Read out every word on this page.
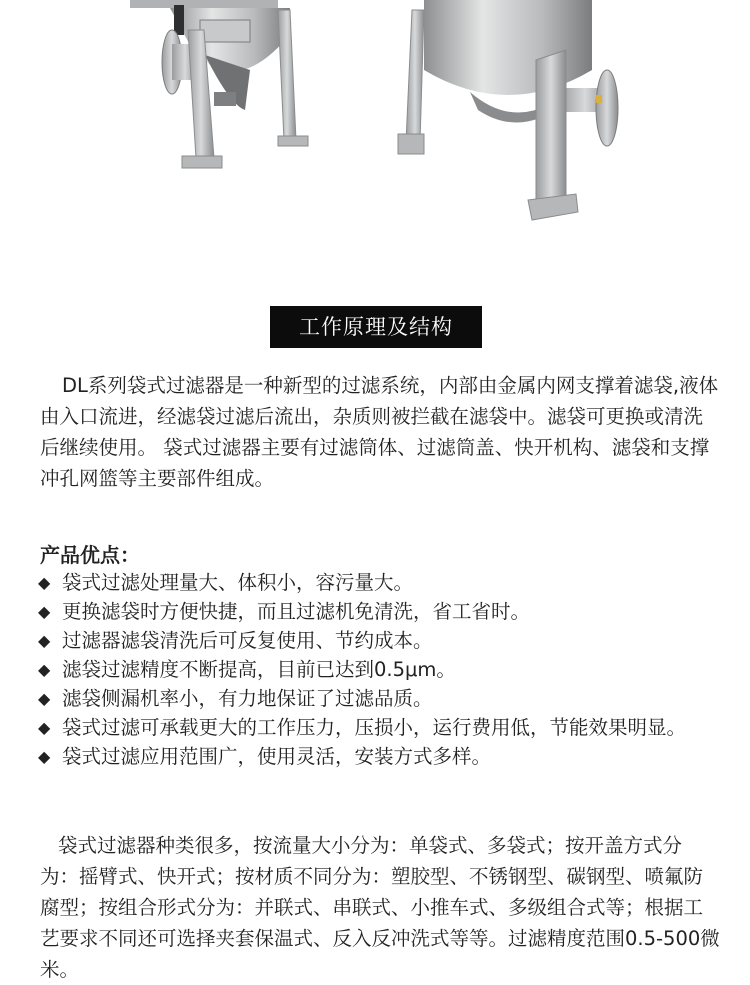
工作原理及结构

DL系列袋式过滤器是一种新型的过滤系统，内部由金属内网支撑着滤袋,液体由入口流进，经滤袋过滤后流出，杂质则被拦截在滤袋中。滤袋可更换或清洗后继续使用。 袋式过滤器主要有过滤筒体、过滤筒盖、快开机构、滤袋和支撑冲孔网篮等主要部件组成。

产品优点：
◆ 袋式过滤处理量大、体积小，容污量大。
◆ 更换滤袋时方便快捷，而且过滤机免清洗，省工省时。
◆ 过滤器滤袋清洗后可反复使用、节约成本。
◆ 滤袋过滤精度不断提高，目前已达到0.5μm。
◆ 滤袋侧漏机率小，有力地保证了过滤品质。
◆ 袋式过滤可承载更大的工作压力，压损小，运行费用低，节能效果明显。
◆ 袋式过滤应用范围广，使用灵活，安装方式多样。

袋式过滤器种类很多，按流量大小分为：单袋式、多袋式；按开盖方式分为：摇臂式、快开式；按材质不同分为：塑胶型、不锈钢型、碳钢型、喷氟防腐型；按组合形式分为：并联式、串联式、小推车式、多级组合式等；根据工艺要求不同还可选择夹套保温式、反入反冲洗式等等。过滤精度范围0.5-500微米。
